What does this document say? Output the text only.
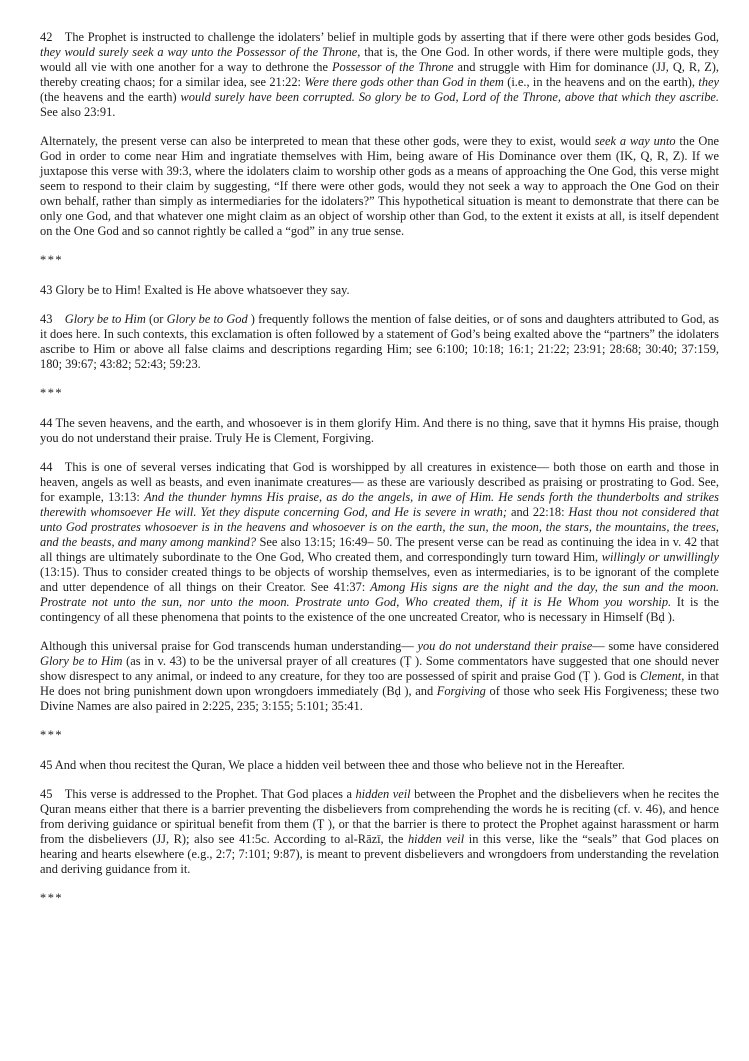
42 The Prophet is instructed to challenge the idolaters’ belief in multiple gods by asserting that if there were other gods besides God, they would surely seek a way unto the Possessor of the Throne, that is, the One God. In other words, if there were multiple gods, they would all vie with one another for a way to dethrone the Possessor of the Throne and struggle with Him for dominance (JJ, Q, R, Z), thereby creating chaos; for a similar idea, see 21:22: Were there gods other than God in them (i.e., in the heavens and on the earth), they (the heavens and the earth) would surely have been corrupted. So glory be to God, Lord of the Throne, above that which they ascribe. See also 23:91.

Alternately, the present verse can also be interpreted to mean that these other gods, were they to exist, would seek a way unto the One God in order to come near Him and ingratiate themselves with Him, being aware of His Dominance over them (IK, Q, R, Z). If we juxtapose this verse with 39:3, where the idolaters claim to worship other gods as a means of approaching the One God, this verse might seem to respond to their claim by suggesting, “If there were other gods, would they not seek a way to approach the One God on their own behalf, rather than simply as intermediaries for the idolaters?” This hypothetical situation is meant to demonstrate that there can be only one God, and that whatever one might claim as an object of worship other than God, to the extent it exists at all, is itself dependent on the One God and so cannot rightly be called a “god” in any true sense.

***

43 Glory be to Him! Exalted is He above whatsoever they say.

43 Glory be to Him (or Glory be to God ) frequently follows the mention of false deities, or of sons and daughters attributed to God, as it does here. In such contexts, this exclamation is often followed by a statement of God’s being exalted above the “partners” the idolaters ascribe to Him or above all false claims and descriptions regarding Him; see 6:100; 10:18; 16:1; 21:22; 23:91; 28:68; 30:40; 37:159, 180; 39:67; 43:82; 52:43; 59:23.

***

44 The seven heavens, and the earth, and whosoever is in them glorify Him. And there is no thing, save that it hymns His praise, though you do not understand their praise. Truly He is Clement, Forgiving.

44 This is one of several verses indicating that God is worshipped by all creatures in existence— both those on earth and those in heaven, angels as well as beasts, and even inanimate creatures— as these are variously described as praising or prostrating to God. See, for example, 13:13: And the thunder hymns His praise, as do the angels, in awe of Him. He sends forth the thunderbolts and strikes therewith whomsoever He will. Yet they dispute concerning God, and He is severe in wrath; and 22:18: Hast thou not considered that unto God prostrates whosoever is in the heavens and whosoever is on the earth, the sun, the moon, the stars, the mountains, the trees, and the beasts, and many among mankind? See also 13:15; 16:49– 50. The present verse can be read as continuing the idea in v. 42 that all things are ultimately subordinate to the One God, Who created them, and correspondingly turn toward Him, willingly or unwillingly (13:15). Thus to consider created things to be objects of worship themselves, even as intermediaries, is to be ignorant of the complete and utter dependence of all things on their Creator. See 41:37: Among His signs are the night and the day, the sun and the moon. Prostrate not unto the sun, nor unto the moon. Prostrate unto God, Who created them, if it is He Whom you worship. It is the contingency of all these phenomena that points to the existence of the one uncreated Creator, who is necessary in Himself (Bḍ ).

Although this universal praise for God transcends human understanding— you do not understand their praise— some have considered Glory be to Him (as in v. 43) to be the universal prayer of all creatures (Ṭ ). Some commentators have suggested that one should never show disrespect to any animal, or indeed to any creature, for they too are possessed of spirit and praise God (Ṭ ). God is Clement, in that He does not bring punishment down upon wrongdoers immediately (Bḍ ), and Forgiving of those who seek His Forgiveness; these two Divine Names are also paired in 2:225, 235; 3:155; 5:101; 35:41.

***

45 And when thou recitest the Quran, We place a hidden veil between thee and those who believe not in the Hereafter.

45 This verse is addressed to the Prophet. That God places a hidden veil between the Prophet and the disbelievers when he recites the Quran means either that there is a barrier preventing the disbelievers from comprehending the words he is reciting (cf. v. 46), and hence from deriving guidance or spiritual benefit from them (Ṭ ), or that the barrier is there to protect the Prophet against harassment or harm from the disbelievers (JJ, R); also see 41:5c. According to al-Rāzī, the hidden veil in this verse, like the “seals” that God places on hearing and hearts elsewhere (e.g., 2:7; 7:101; 9:87), is meant to prevent disbelievers and wrongdoers from understanding the revelation and deriving guidance from it.

***
